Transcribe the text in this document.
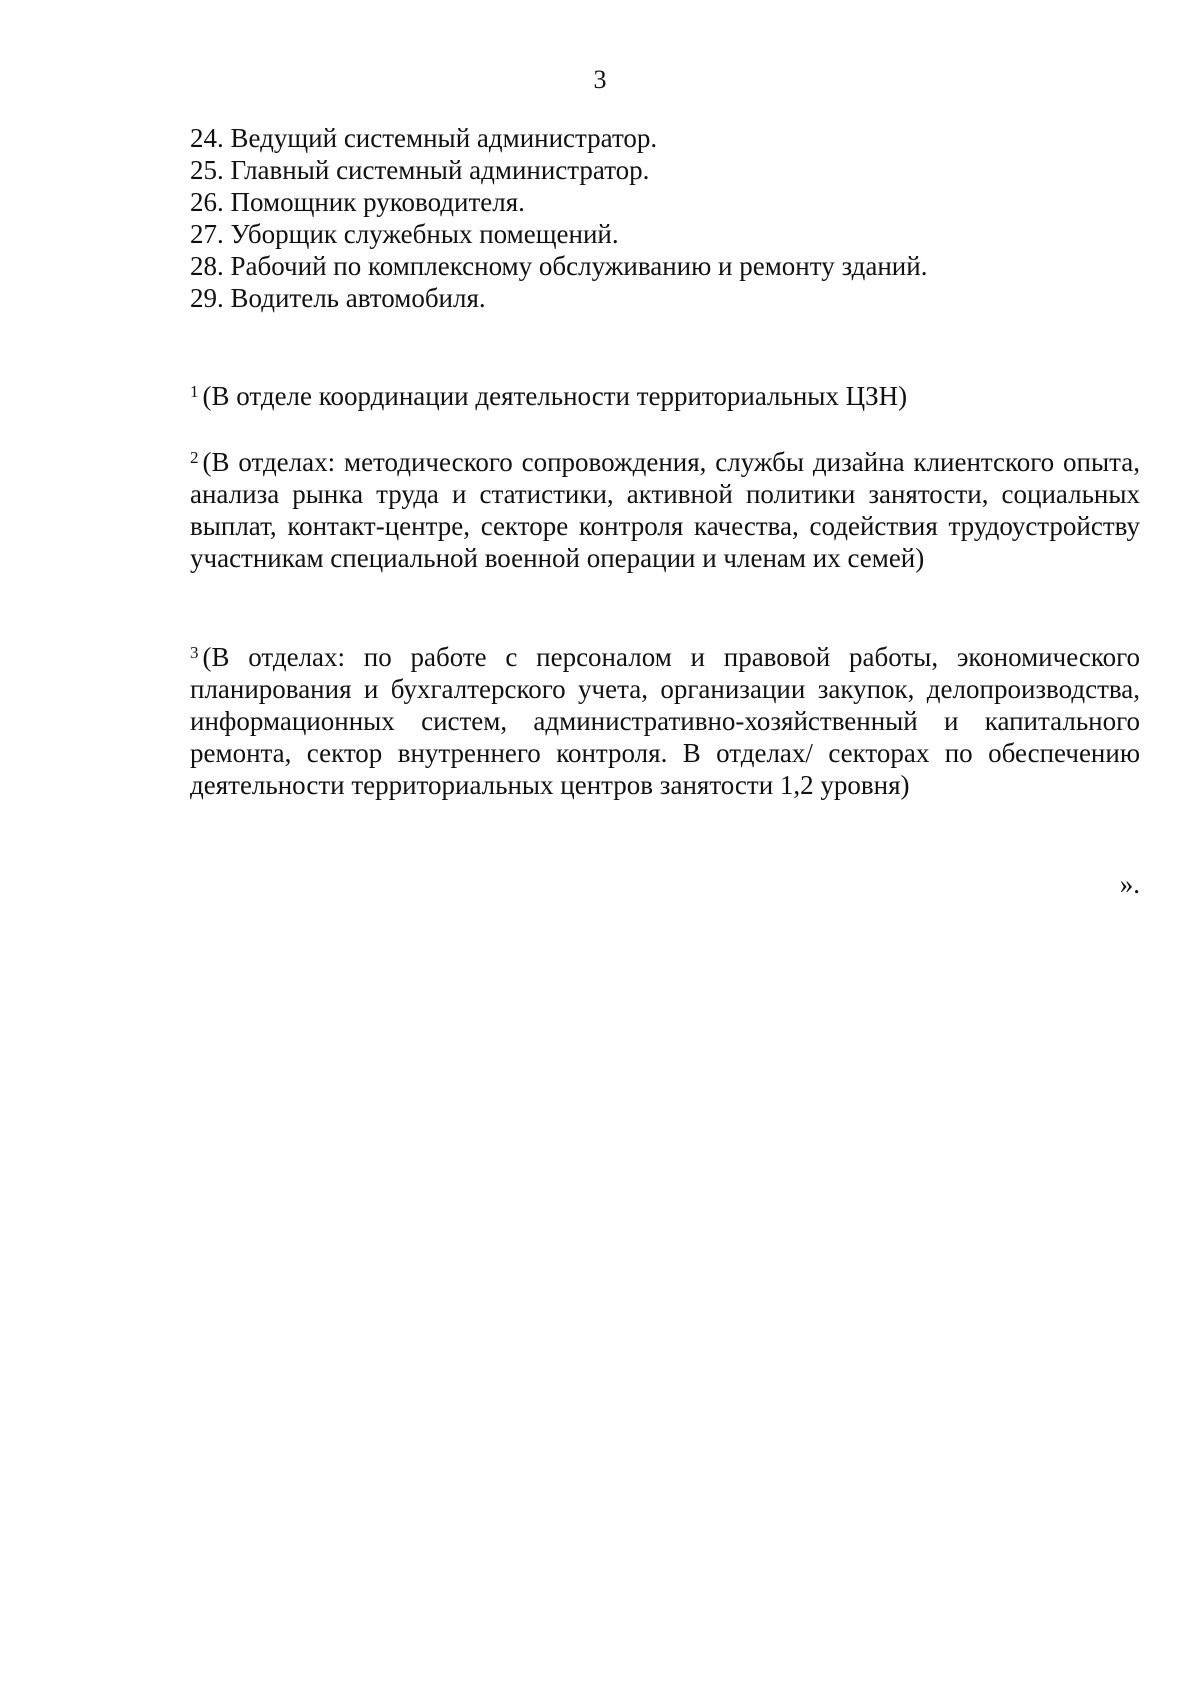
3
24. Ведущий системный администратор.
25. Главный системный администратор.
26. Помощник руководителя.
27. Уборщик служебных помещений.
28. Рабочий по комплексному обслуживанию и ремонту зданий.
29. Водитель автомобиля.

$^1$ (В отделе координации деятельности территориальных ЦЗН)

$^2$ (В отделах: методического сопровождения, службы дизайна клиентского опыта, анализа рынка труда и статистики, активной политики занятости, социальных выплат, контакт-центре, секторе контроля качества, содействия трудоустройству участникам специальной военной операции и членам их семей)

$^3$ (В отделах: по работе с персоналом и правовой работы, экономического планирования и бухгалтерского учета, организации закупок, делопроизводства, информационных систем, административно-хозяйственный и капитального ремонта, сектор внутреннего контроля. В отделах/ секторах по обеспечению деятельности территориальных центров занятости 1,2 уровня)

».
